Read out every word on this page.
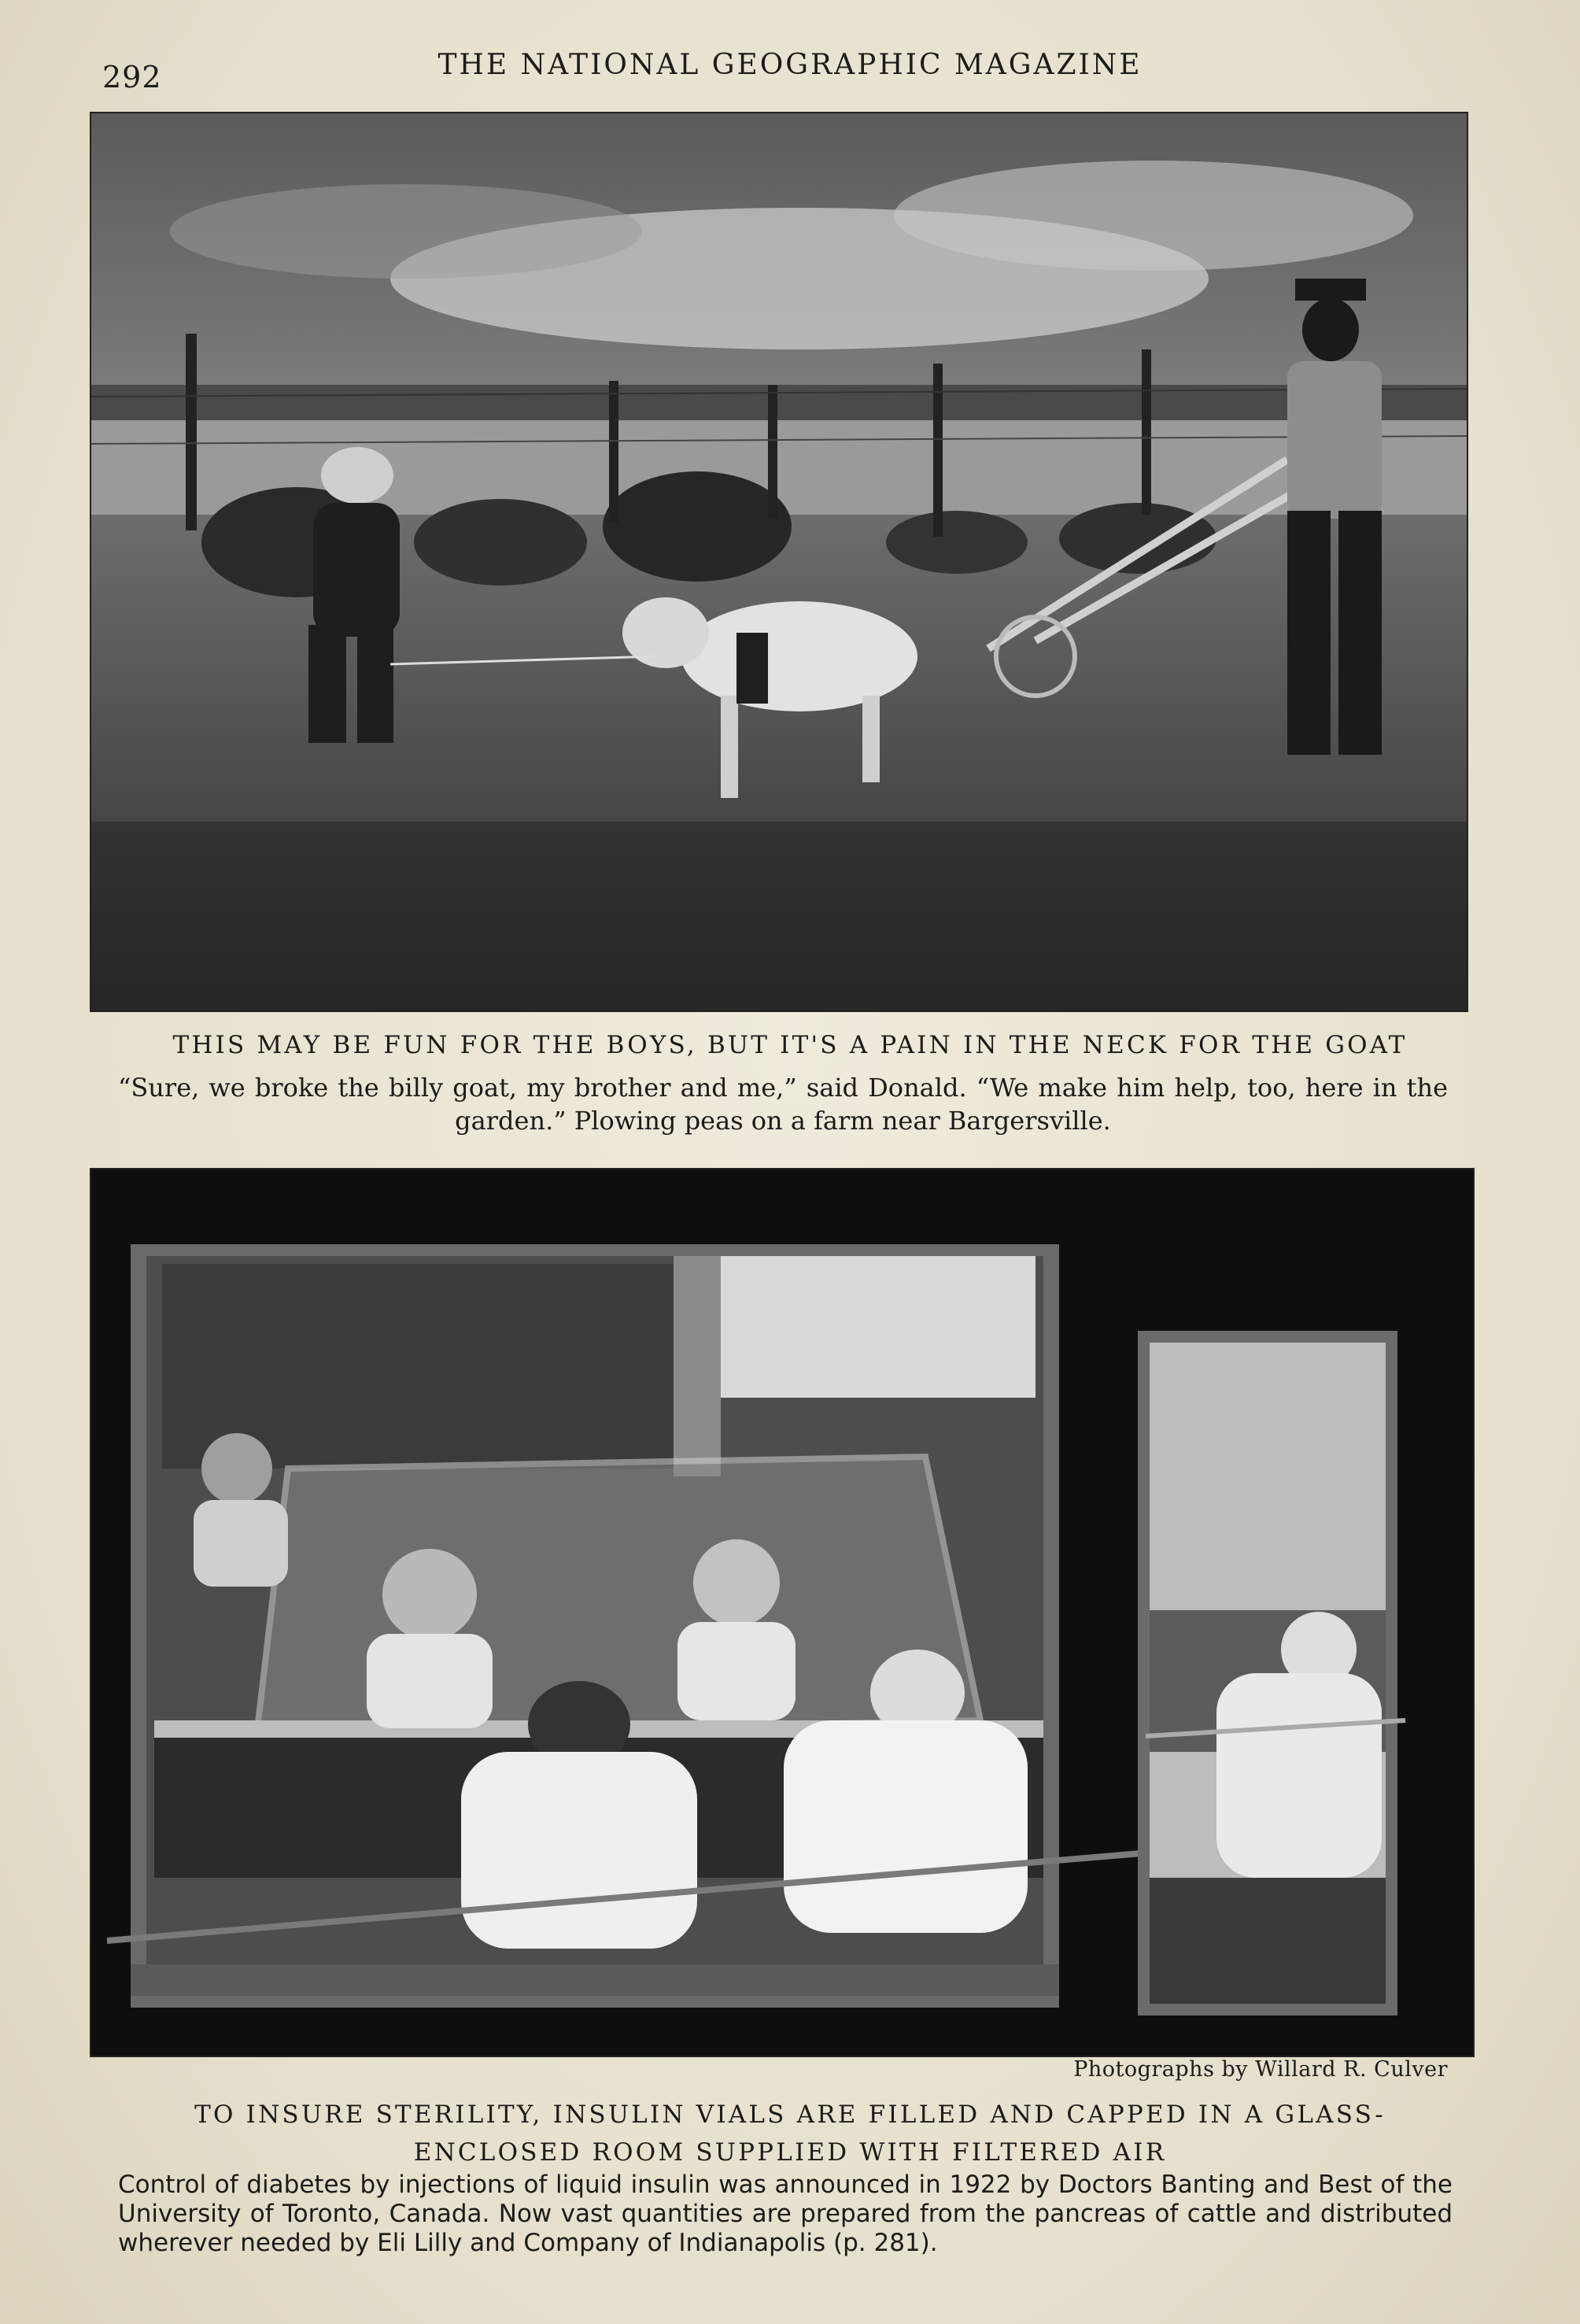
292	THE NATIONAL GEOGRAPHIC MAGAZINE
THIS MAY BE FUN FOR THE BOYS, BUT IT'S A PAIN IN THE NECK FOR THE GOAT
“Sure, we broke the billy goat, my brother and me,” said Donald. “We make him help, too, here in the garden.” Plowing peas on a farm near Bargersville.
Photographs by Willard R. Culver
TO INSURE STERILITY, INSULIN VIALS ARE FILLED AND CAPPED IN A GLASS-
ENCLOSED ROOM SUPPLIED WITH FILTERED AIR
Control of diabetes by injections of liquid insulin was announced in 1922 by Doctors Banting and Best of the University of Toronto, Canada. Now vast quantities are prepared from the pancreas of cattle and distributed wherever needed by Eli Lilly and Company of Indianapolis (p. 281).
